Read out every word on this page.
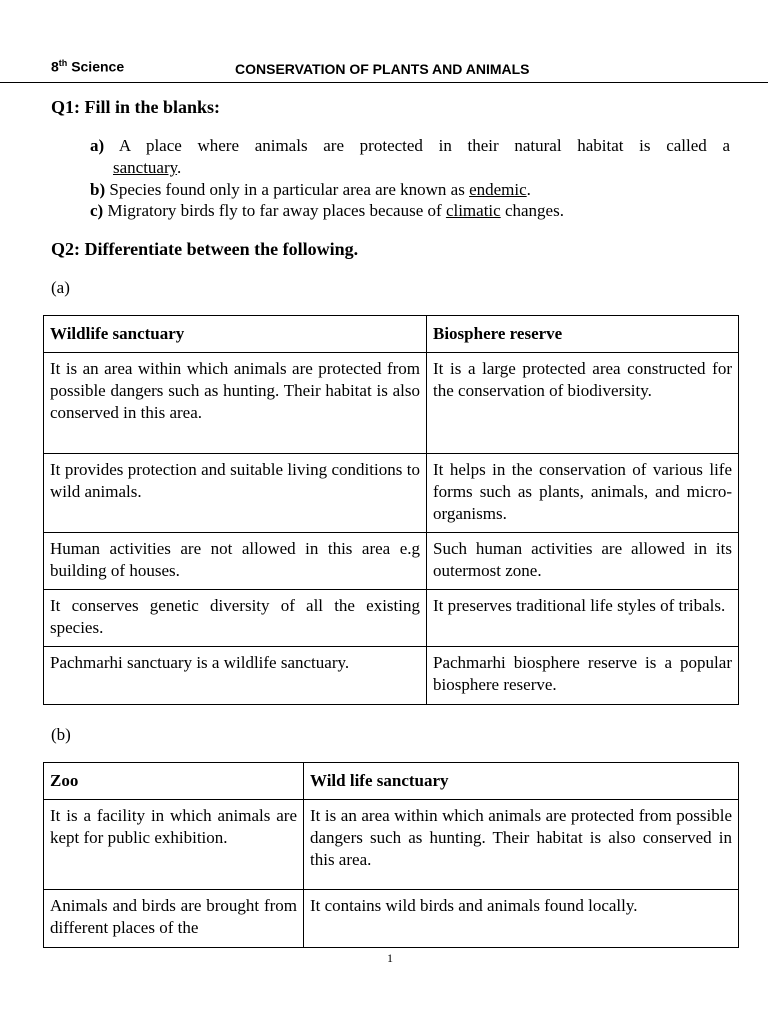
8th Science	CONSERVATION OF PLANTS AND ANIMALS
Q1: Fill in the blanks:
a) A place where animals are protected in their natural habitat is called a
sanctuary.
b) Species found only in a particular area are known as endemic.
c) Migratory birds fly to far away places because of climatic changes.
Q2: Differentiate between the following.
(a)
Wildlife sanctuary	Biosphere reserve
It is an area within which animals are protected from possible dangers such as hunting. Their habitat is also conserved in this area.	It is a large protected area constructed for the conservation of biodiversity.
It provides protection and suitable living conditions to wild animals.	It helps in the conservation of various life forms such as plants, animals, and micro-organisms.
Human activities are not allowed in this area e.g building of houses.	Such human activities are allowed in its outermost zone.
It conserves genetic diversity of all the existing species.	It preserves traditional life styles of tribals.
Pachmarhi sanctuary is a wildlife sanctuary.	Pachmarhi biosphere reserve is a popular biosphere reserve.
(b)
Zoo	Wild life sanctuary
It is a facility in which animals are kept for public exhibition.	It is an area within which animals are protected from possible dangers such as hunting. Their habitat is also conserved in this area.
Animals and birds are brought from different places of the	It contains wild birds and animals found locally.
1
